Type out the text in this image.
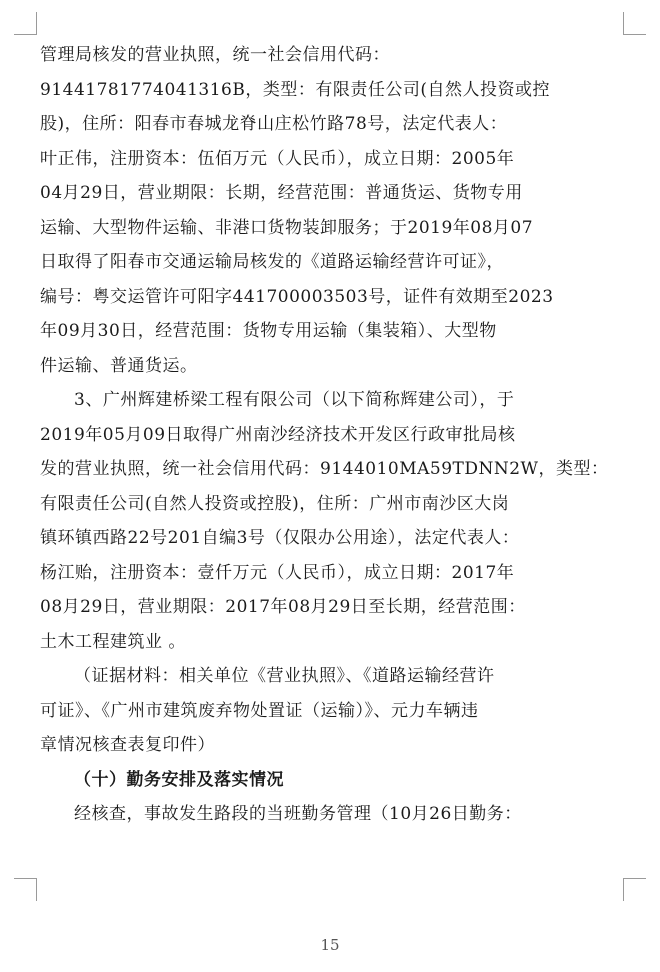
管理局核发的营业执照，统一社会信用代码：
91441781774041316B，类型：有限责任公司(自然人投资或控
股)，住所：阳春市春城龙脊山庄松竹路78号，法定代表人：
叶正伟，注册资本：伍佰万元（人民币），成立日期：2005年
04月29日，营业期限：长期，经营范围：普通货运、货物专用
运输、大型物件运输、非港口货物装卸服务；于2019年08月07
日取得了阳春市交通运输局核发的《道路运输经营许可证》，
编号：粤交运管许可阳字441700003503号，证件有效期至2023
年09月30日，经营范围：货物专用运输（集装箱）、大型物
件运输、普通货运。
3、广州辉建桥梁工程有限公司（以下简称辉建公司），于
2019年05月09日取得广州南沙经济技术开发区行政审批局核
发的营业执照，统一社会信用代码：9144010MA59TDNN2W，类型：
有限责任公司(自然人投资或控股)，住所：广州市南沙区大岗
镇环镇西路22号201自编3号（仅限办公用途），法定代表人：
杨江贻，注册资本：壹仟万元（人民币），成立日期：2017年
08月29日，营业期限：2017年08月29日至长期，经营范围：
土木工程建筑业 。
（证据材料：相关单位《营业执照》、《道路运输经营许
可证》、《广州市建筑废弃物处置证（运输）》、元力车辆违
章情况核查表复印件）
（十）勤务安排及落实情况
经核查，事故发生路段的当班勤务管理（10月26日勤务：
15
